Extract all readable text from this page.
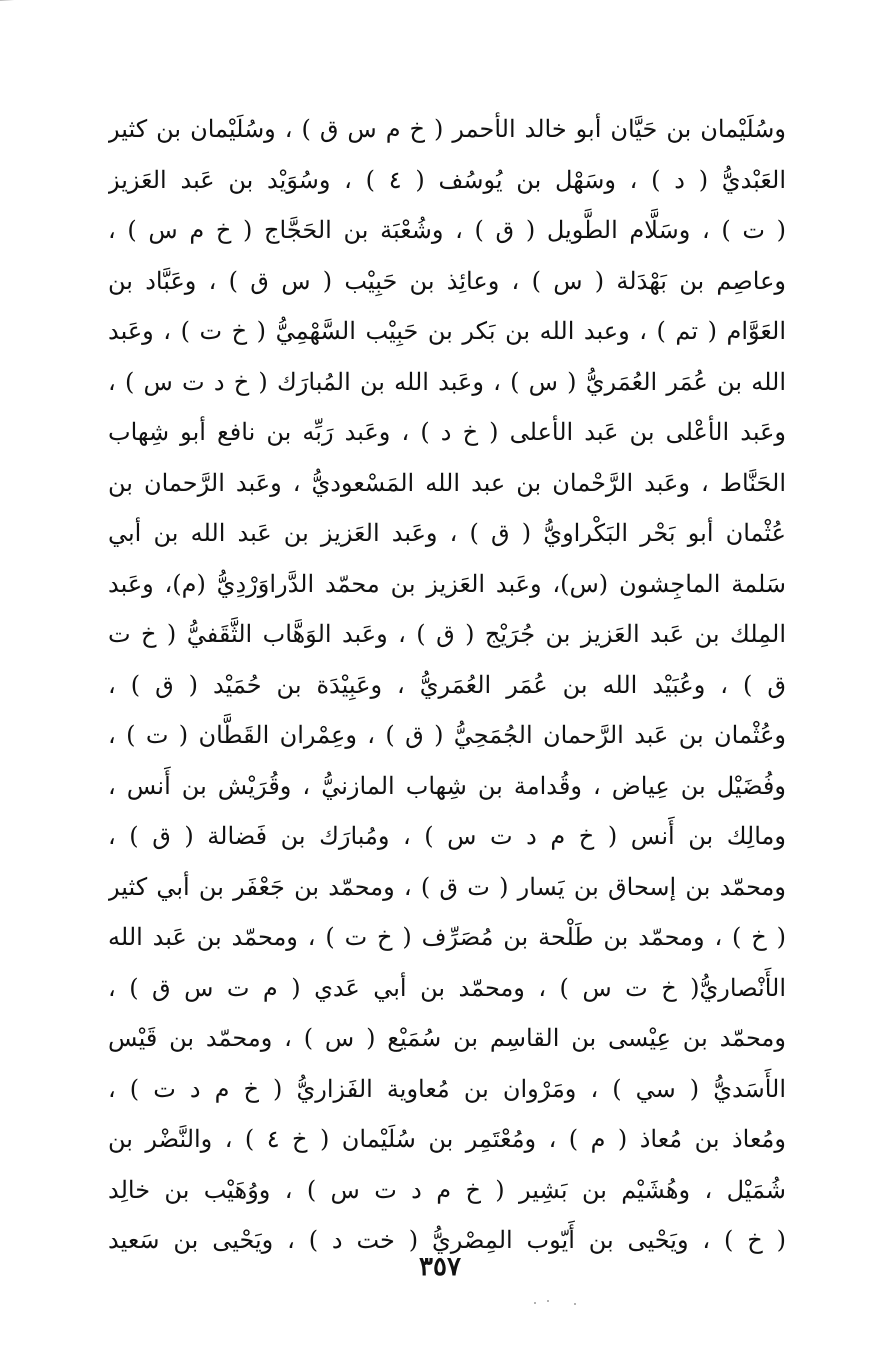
وسُلَيْمان بن حَيَّان أبو خالد الأحمر ( خ م س ق ) ، وسُلَيْمان بن كثير
العَبْديُّ ( د ) ، وسَهْل بن يُوسُف ( ٤ ) ، وسُوَيْد بن عَبد العَزيز
( ت ) ، وسَلَّام الطَّويل ( ق ) ، وشُعْبَة بن الحَجَّاج ( خ م س ) ،
وعاصِم بن بَهْدَلة ( س ) ، وعائِذ بن حَبِيْب ( س ق ) ، وعَبَّاد بن
العَوَّام ( تم ) ، وعبد الله بن بَكر بن حَبِيْب السَّهْمِيُّ ( خ ت ) ، وعَبد
الله بن عُمَر العُمَريُّ ( س ) ، وعَبد الله بن المُبارَك ( خ د ت س ) ،
وعَبد الأعْلى بن عَبد الأعلى ( خ د ) ، وعَبد رَبِّه بن نافع أبو شِهاب
الحَنَّاط ، وعَبد الرَّحْمان بن عبد الله المَسْعوديُّ ، وعَبد الرَّحمان بن
عُثْمان أبو بَحْر البَكْراويُّ ( ق ) ، وعَبد العَزيز بن عَبد الله بن أبي
سَلمة الماجِشون (س)، وعَبد العَزيز بن محمّد الدَّراوَرْدِيُّ (م)، وعَبد
المِلك بن عَبد العَزيز بن جُرَيْج ( ق ) ، وعَبد الوَهَّاب الثَّقَفيُّ ( خ ت
ق ) ، وعُبَيْد الله بن عُمَر العُمَريُّ ، وعَبِيْدَة بن حُمَيْد ( ق ) ،
وعُثْمان بن عَبد الرَّحمان الجُمَحِيُّ ( ق ) ، وعِمْران القَطَّان ( ت ) ،
وفُضَيْل بن عِياض ، وقُدامة بن شِهاب المازنيُّ ، وقُرَيْش بن أَنس ،
ومالِك بن أَنس ( خ م د ت س ) ، ومُبارَك بن فَضالة ( ق ) ،
ومحمّد بن إسحاق بن يَسار ( ت ق ) ، ومحمّد بن جَعْفَر بن أبي كثير
( خ ) ، ومحمّد بن طَلْحة بن مُصَرِّف ( خ ت ) ، ومحمّد بن عَبد الله
الأَنْصاريُّ( خ ت س ) ، ومحمّد بن أبي عَدي ( م ت س ق ) ،
ومحمّد بن عِيْسى بن القاسِم بن سُمَيْع ( س ) ، ومحمّد بن قَيْس
الأَسَديُّ ( سي ) ، ومَرْوان بن مُعاوية الفَزاريُّ ( خ م د ت ) ،
ومُعاذ بن مُعاذ ( م ) ، ومُعْتَمِر بن سُلَيْمان ( خ ٤ ) ، والنَّضْر بن
شُمَيْل ، وهُشَيْم بن بَشِير ( خ م د ت س ) ، ووُهَيْب بن خالِد
( خ ) ، ويَحْيى بن أَيّوب المِصْريُّ ( خت د ) ، ويَحْيى بن سَعيد
٣٥٧
